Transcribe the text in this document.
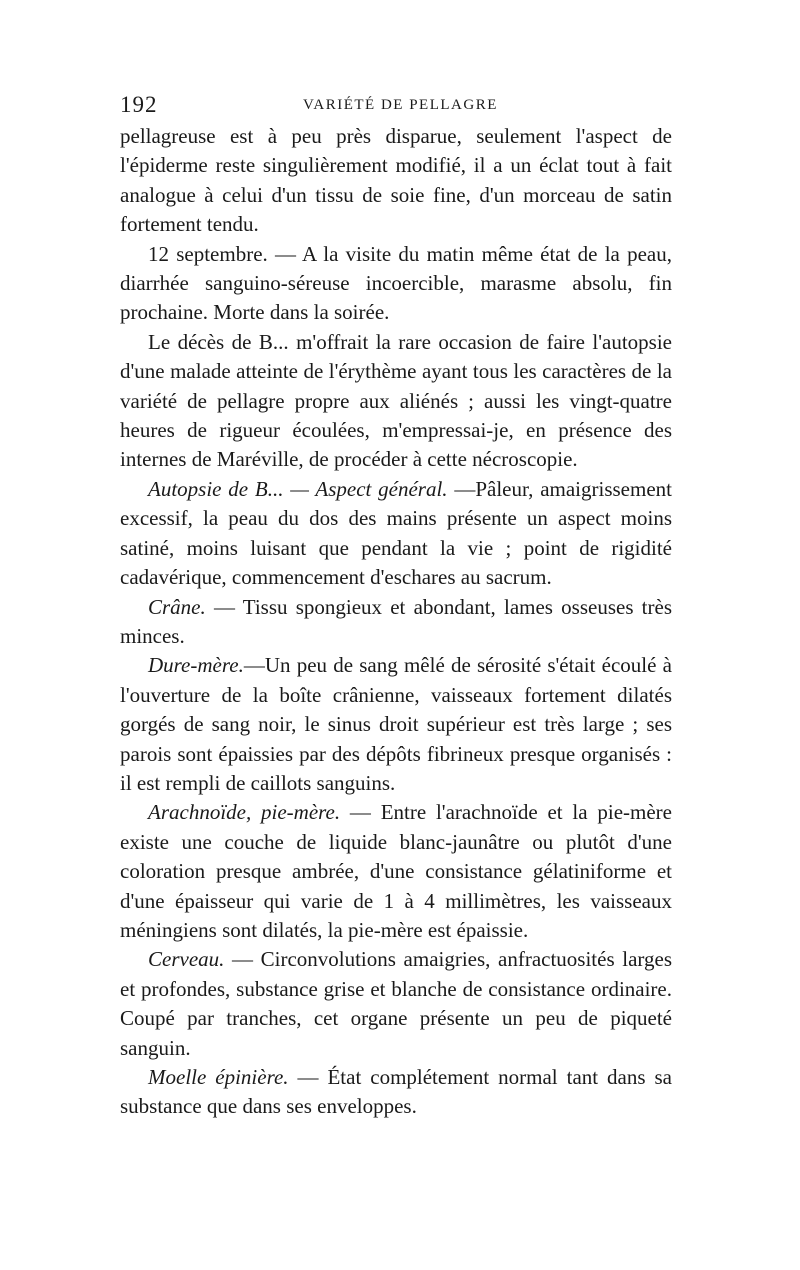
192	VARIÉTÉ DE PELLAGRE

pellagreuse est à peu près disparue, seulement l'aspect de l'épiderme reste singulièrement modifié, il a un éclat tout à fait analogue à celui d'un tissu de soie fine, d'un morceau de satin fortement tendu.

12 septembre. — A la visite du matin même état de la peau, diarrhée sanguino-séreuse incoercible, marasme absolu, fin prochaine. Morte dans la soirée.

Le décès de B... m'offrait la rare occasion de faire l'autopsie d'une malade atteinte de l'érythème ayant tous les caractères de la variété de pellagre propre aux aliénés ; aussi les vingt-quatre heures de rigueur écoulées, m'empressai-je, en présence des internes de Maréville, de procéder à cette nécroscopie.

Autopsie de B... — Aspect général. —Pâleur, amaigrissement excessif, la peau du dos des mains présente un aspect moins satiné, moins luisant que pendant la vie ; point de rigidité cadavérique, commencement d'eschares au sacrum.

Crâne. — Tissu spongieux et abondant, lames osseuses très minces.

Dure-mère.—Un peu de sang mêlé de sérosité s'était écoulé à l'ouverture de la boîte crânienne, vaisseaux fortement dilatés gorgés de sang noir, le sinus droit supérieur est très large ; ses parois sont épaissies par des dépôts fibrineux presque organisés : il est rempli de caillots sanguins.

Arachnoïde, pie-mère. — Entre l'arachnoïde et la pie-mère existe une couche de liquide blanc-jaunâtre ou plutôt d'une coloration presque ambrée, d'une consistance gélatiniforme et d'une épaisseur qui varie de 1 à 4 millimètres, les vaisseaux méningiens sont dilatés, la pie-mère est épaissie.

Cerveau. — Circonvolutions amaigries, anfractuosités larges et profondes, substance grise et blanche de consistance ordinaire. Coupé par tranches, cet organe présente un peu de piqueté sanguin.

Moelle épinière. — État complétement normal tant dans sa substance que dans ses enveloppes.
